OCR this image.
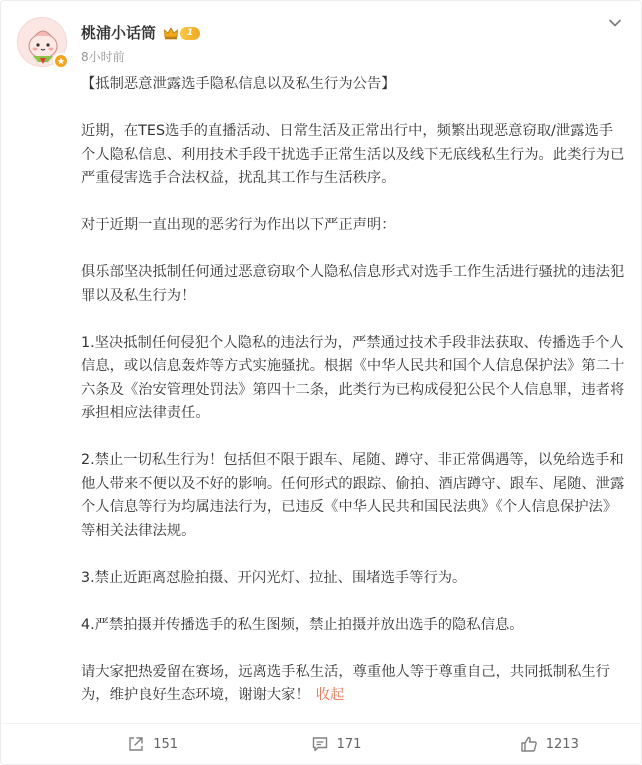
桃浦小话筒	1
8小时前

【抵制恶意泄露选手隐私信息以及私生行为公告】

近期，在TES选手的直播活动、日常生活及正常出行中，频繁出现恶意窃取/泄露选手个人隐私信息、利用技术手段干扰选手正常生活以及线下无底线私生行为。此类行为已严重侵害选手合法权益，扰乱其工作与生活秩序。

对于近期一直出现的恶劣行为作出以下严正声明：

俱乐部坚决抵制任何通过恶意窃取个人隐私信息形式对选手工作生活进行骚扰的违法犯罪以及私生行为！

1.坚决抵制任何侵犯个人隐私的违法行为，严禁通过技术手段非法获取、传播选手个人信息，或以信息轰炸等方式实施骚扰。根据《中华人民共和国个人信息保护法》第二十六条及《治安管理处罚法》第四十二条，此类行为已构成侵犯公民个人信息罪，违者将承担相应法律责任。

2.禁止一切私生行为！包括但不限于跟车、尾随、蹲守、非正常偶遇等，以免给选手和他人带来不便以及不好的影响。任何形式的跟踪、偷拍、酒店蹲守、跟车、尾随、泄露个人信息等行为均属违法行为，已违反《中华人民共和国民法典》《个人信息保护法》等相关法律法规。

3.禁止近距离怼脸拍摄、开闪光灯、拉扯、围堵选手等行为。

4.严禁拍摄并传播选手的私生图频，禁止拍摄并放出选手的隐私信息。

请大家把热爱留在赛场，远离选手私生活，尊重他人等于尊重自己，共同抵制私生行为，维护良好生态环境，谢谢大家！ 收起

151	171	1213
